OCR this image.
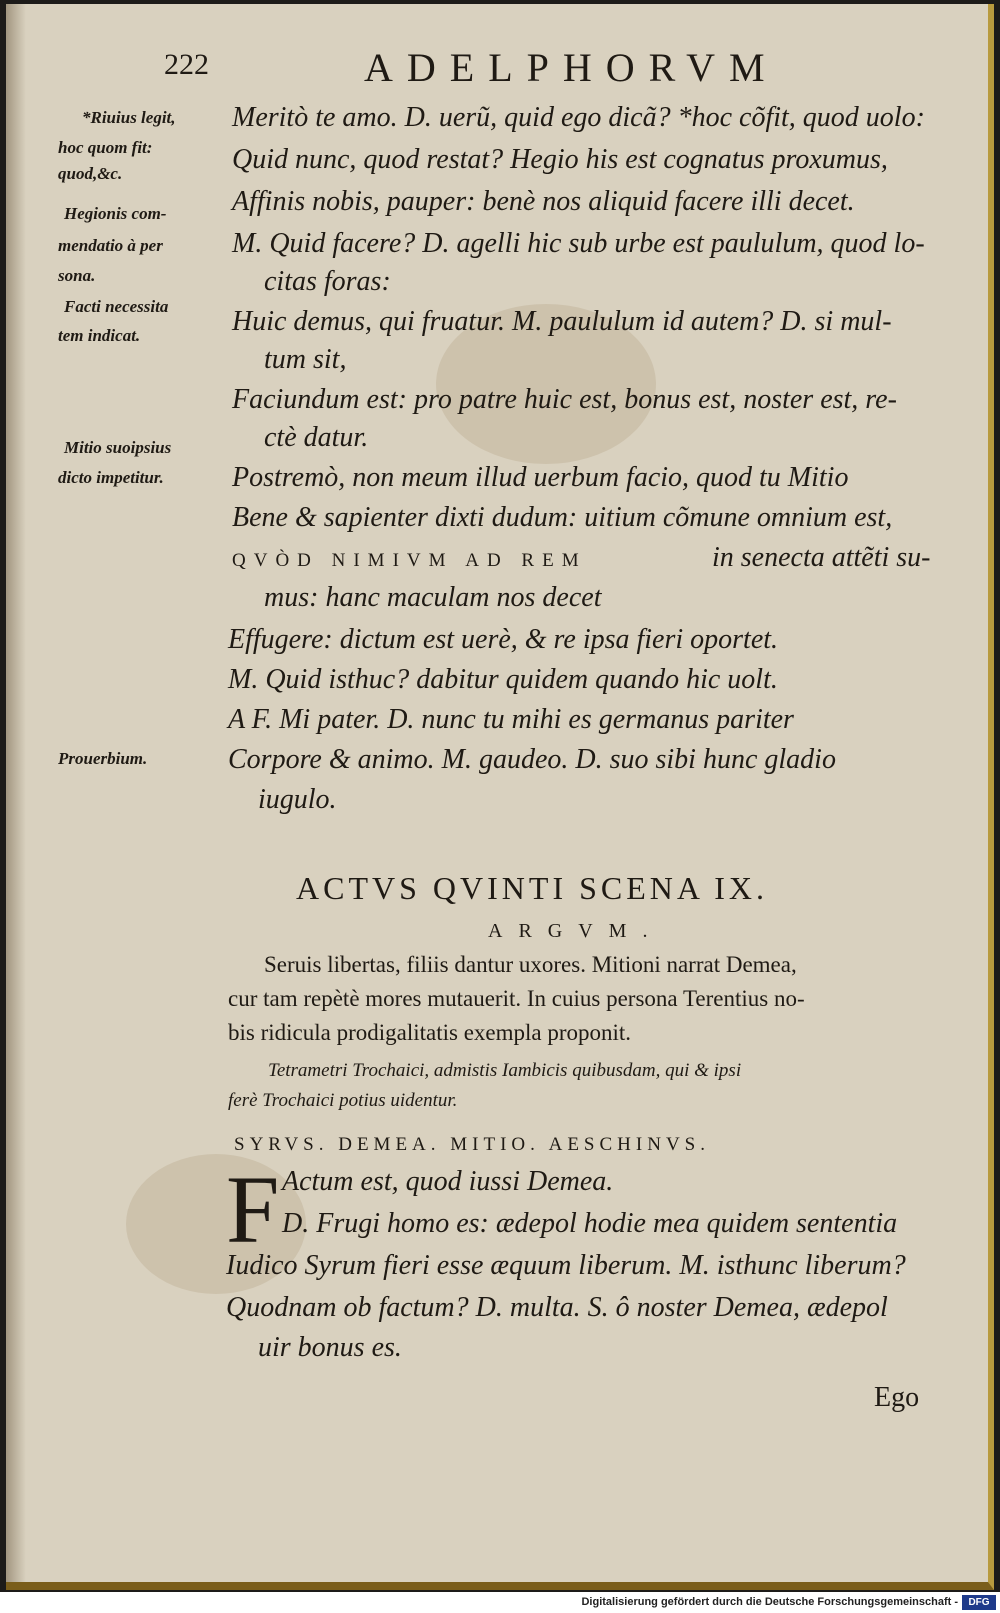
222	ADELPHORVM
*Riuius legit,
hoc quom fit:
quod,&c.
Hegionis com-
mendatio à per
sona.
Facti necessita
tem indicat.
Mitio suoipsius
dicto impetitur.
Prouerbium.
Meritò te amo. D. uerũ, quid ego dicã? *hoc cõfit, quod uolo:
Quid nunc, quod restat? Hegio his est cognatus proxumus,
Affinis nobis, pauper: benè nos aliquid facere illi decet.
M. Quid facere? D. agelli hic sub urbe est paululum, quod lo-
citas foras:
Huic demus, qui fruatur. M. paululum id autem? D. si mul-
tum sit,
Faciundum est: pro patre huic est, bonus est, noster est, re-
ctè datur.
Postremò, non meum illud uerbum facio, quod tu Mitio
Bene & sapienter dixti dudum: uitium cõmune omnium est,
QVÒD NIMIVM AD REM	in senecta attẽti su-
mus: hanc maculam nos decet
Effugere: dictum est uerè, & re ipsa fieri oportet.
M. Quid isthuc? dabitur quidem quando hic uolt.
A F. Mi pater. D. nunc tu mihi es germanus pariter
Corpore & animo. M. gaudeo. D. suo sibi hunc gladio
iugulo.
ACTVS QVINTI SCENA IX.
ARGVM.
Seruis libertas, filiis dantur uxores. Mitioni narrat Demea,
cur tam repètè mores mutauerit. In cuius persona Terentius no-
bis ridicula prodigalitatis exempla proponit.
Tetrametri Trochaici, admistis Iambicis quibusdam, qui & ipsi
ferè Trochaici potius uidentur.
SYRVS. DEMEA. MITIO. AESCHINVS.
F Actum est, quod iussi Demea.
D. Frugi homo es: ædepol hodie mea quidem sententia
Iudico Syrum fieri esse æquum liberum. M. isthunc liberum?
Quodnam ob factum? D. multa. S. ô noster Demea, ædepol
uir bonus es.
Ego
Digitalisierung gefördert durch die Deutsche Forschungsgemeinschaft -	DFG
